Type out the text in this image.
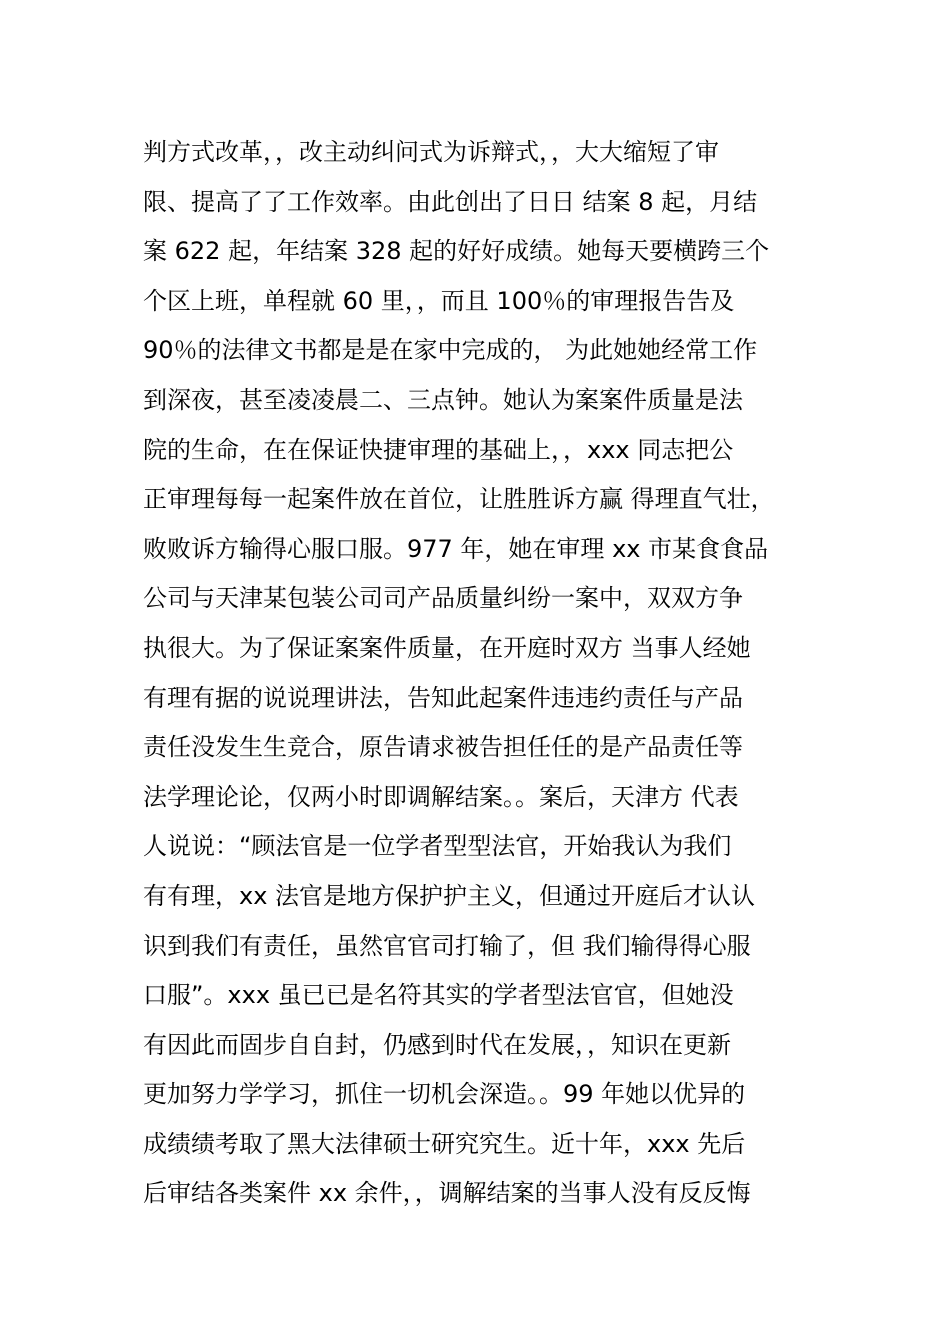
判方式改革，，改主动纠问式为诉辩式，，大大缩短了审
限、提高了了工作效率。由此创出了日日 结案 8 起，月结
案 622 起，年结案 328 起的好好成绩。她每天要横跨三个
个区上班，单程就 60 里，，而且 100％的审理报告告及
90％的法律文书都是是在家中完成的， 为此她她经常工作
到深夜，甚至凌凌晨二、三点钟。她认为案案件质量是法
院的生命，在在保证快捷审理的基础上，，xxx 同志把公
正审理每每一起案件放在首位，让胜胜诉方赢 得理直气壮，
败败诉方输得心服口服。977 年，她在审理 xx 市某食食品
公司与天津某包装公司司产品质量纠纷一案中，双双方争
执很大。为了保证案案件质量，在开庭时双方 当事人经她
有理有据的说说理讲法，告知此起案件违违约责任与产品
责任没发生生竞合，原告请求被告担任任的是产品责任等
法学理论论，仅两小时即调解结案。。案后，天津方 代表
人说说：“顾法官是一位学者型型法官，开始我认为我们
有有理，xx 法官是地方保护护主义，但通过开庭后才认认
识到我们有责任，虽然官官司打输了，但 我们输得得心服
口服”。xxx 虽已已是名符其实的学者型法官官，但她没
有因此而固步自自封，仍感到时代在发展，，知识在更新
更加努力学学习，抓住一切机会深造。。99 年她以优异的
成绩绩考取了黑大法律硕士研究究生。近十年，xxx 先后
后审结各类案件 xx 余件，，调解结案的当事人没有反反悔
